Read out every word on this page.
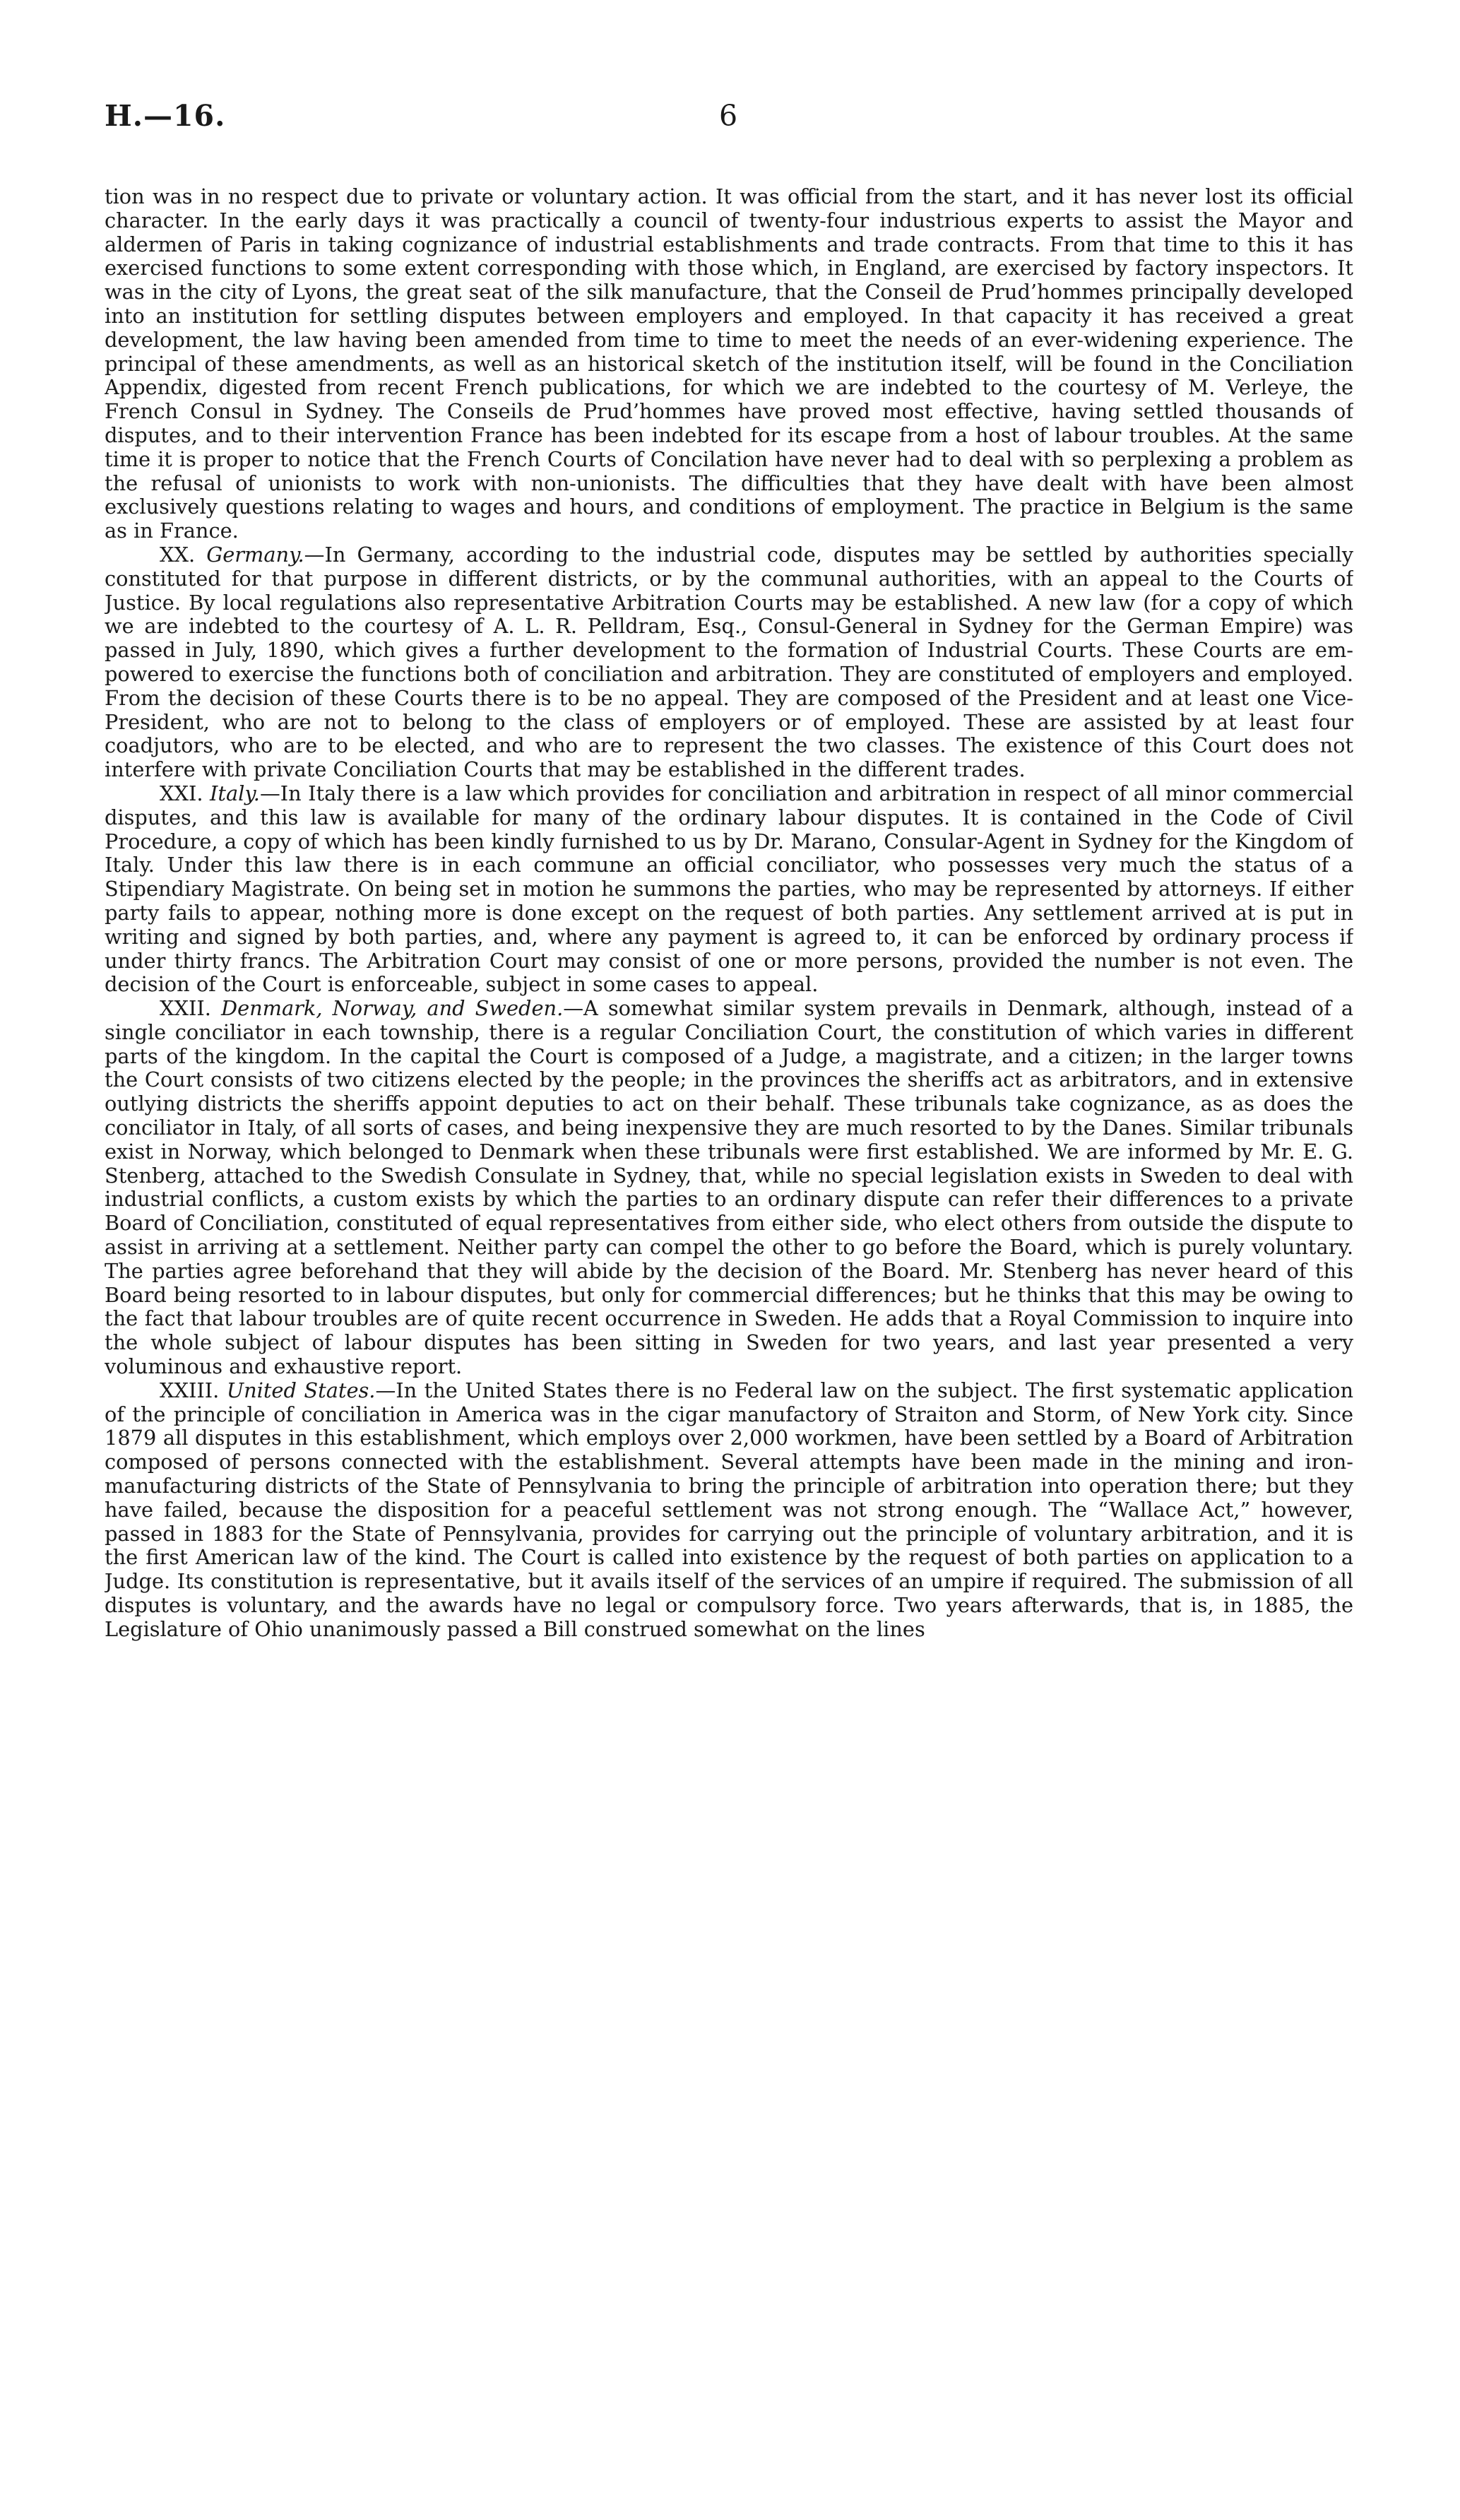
H.—16.	6

tion was in no respect due to private or voluntary action. It was official from the start, and it has never lost its official character. In the early days it was practically a council of twenty-four industrious experts to assist the Mayor and aldermen of Paris in taking cognizance of industrial establishments and trade contracts. From that time to this it has exercised functions to some extent corresponding with those which, in England, are exercised by factory inspectors. It was in the city of Lyons, the great seat of the silk manufacture, that the Conseil de Prud’hommes principally developed into an institution for settling disputes between employers and employed. In that capacity it has received a great development, the law having been amended from time to time to meet the needs of an ever-widening experience. The principal of these amendments, as well as an historical sketch of the institution itself, will be found in the Conciliation Appendix, digested from recent French publications, for which we are indebted to the courtesy of M. Verleye, the French Consul in Sydney. The Conseils de Prud’hommes have proved most effective, having settled thousands of disputes, and to their intervention France has been indebted for its escape from a host of labour troubles. At the same time it is proper to notice that the French Courts of Concilation have never had to deal with so perplexing a problem as the refusal of unionists to work with non-unionists. The difficulties that they have dealt with have been almost exclusively questions relating to wages and hours, and conditions of employment. The practice in Belgium is the same as in France.

XX. Germany.—In Germany, according to the industrial code, disputes may be settled by authorities specially constituted for that purpose in different districts, or by the communal authorities, with an appeal to the Courts of Justice. By local regulations also representative Arbitration Courts may be established. A new law (for a copy of which we are indebted to the courtesy of A. L. R. Pelldram, Esq., Consul-General in Sydney for the German Empire) was passed in July, 1890, which gives a further development to the formation of Industrial Courts. These Courts are empowered to exercise the functions both of conciliation and arbitration. They are constituted of employers and employed. From the decision of these Courts there is to be no appeal. They are composed of the President and at least one Vice-President, who are not to belong to the class of employers or of employed. These are assisted by at least four coadjutors, who are to be elected, and who are to represent the two classes. The existence of this Court does not interfere with private Conciliation Courts that may be established in the different trades.

XXI. Italy.—In Italy there is a law which provides for conciliation and arbitration in respect of all minor commercial disputes, and this law is available for many of the ordinary labour disputes. It is contained in the Code of Civil Procedure, a copy of which has been kindly furnished to us by Dr. Marano, Consular-Agent in Sydney for the Kingdom of Italy. Under this law there is in each commune an official conciliator, who possesses very much the status of a Stipendiary Magistrate. On being set in motion he summons the parties, who may be represented by attorneys. If either party fails to appear, nothing more is done except on the request of both parties. Any settlement arrived at is put in writing and signed by both parties, and, where any payment is agreed to, it can be enforced by ordinary process if under thirty francs. The Arbitration Court may consist of one or more persons, provided the number is not even. The decision of the Court is enforceable, subject in some cases to appeal.

XXII. Denmark, Norway, and Sweden.—A somewhat similar system prevails in Denmark, although, instead of a single conciliator in each township, there is a regular Conciliation Court, the constitution of which varies in different parts of the kingdom. In the capital the Court is composed of a Judge, a magistrate, and a citizen; in the larger towns the Court consists of two citizens elected by the people; in the provinces the sheriffs act as arbitrators, and in extensive outlying districts the sheriffs appoint deputies to act on their behalf. These tribunals take cognizance, as as does the conciliator in Italy, of all sorts of cases, and being inexpensive they are much resorted to by the Danes. Similar tribunals exist in Norway, which belonged to Denmark when these tribunals were first established. We are informed by Mr. E. G. Stenberg, attached to the Swedish Consulate in Sydney, that, while no special legislation exists in Sweden to deal with industrial conflicts, a custom exists by which the parties to an ordinary dispute can refer their differences to a private Board of Conciliation, constituted of equal representatives from either side, who elect others from outside the dispute to assist in arriving at a settlement. Neither party can compel the other to go before the Board, which is purely voluntary. The parties agree beforehand that they will abide by the decision of the Board. Mr. Stenberg has never heard of this Board being resorted to in labour disputes, but only for commercial differences; but he thinks that this may be owing to the fact that labour troubles are of quite recent occurrence in Sweden. He adds that a Royal Commission to inquire into the whole subject of labour disputes has been sitting in Sweden for two years, and last year presented a very voluminous and exhaustive report.

XXIII. United States.—In the United States there is no Federal law on the subject. The first systematic application of the principle of conciliation in America was in the cigar manufactory of Straiton and Storm, of New York city. Since 1879 all disputes in this establishment, which employs over 2,000 workmen, have been settled by a Board of Arbitration composed of persons connected with the establishment. Several attempts have been made in the mining and iron-manufacturing districts of the State of Pennsylvania to bring the principle of arbitration into operation there; but they have failed, because the disposition for a peaceful settlement was not strong enough. The “Wallace Act,” however, passed in 1883 for the State of Pennsylvania, provides for carrying out the principle of voluntary arbitration, and it is the first American law of the kind. The Court is called into existence by the request of both parties on application to a Judge. Its constitution is representative, but it avails itself of the services of an umpire if required. The submission of all disputes is voluntary, and the awards have no legal or compulsory force. Two years afterwards, that is, in 1885, the Legislature of Ohio unanimously passed a Bill construed somewhat on the lines
